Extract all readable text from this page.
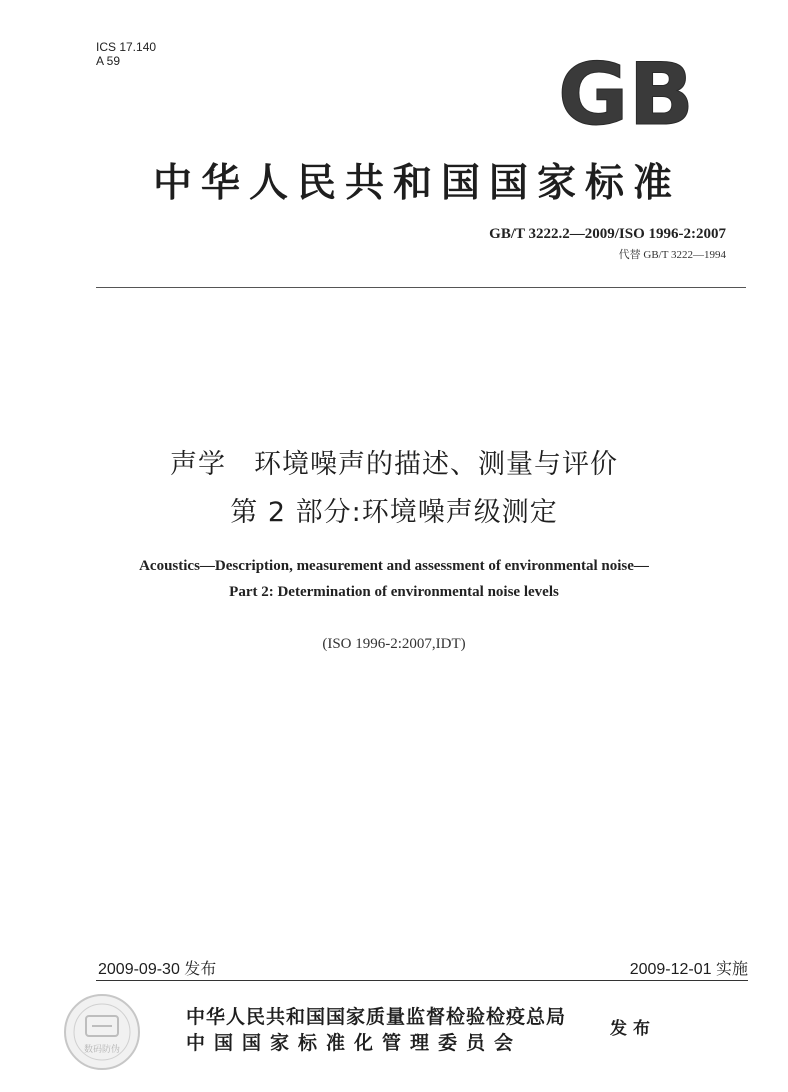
ICS 17.140
A 59	GB
中华人民共和国国家标准
GB/T 3222.2—2009/ISO 1996-2:2007
代替 GB/T 3222—1994
声学　环境噪声的描述、测量与评价
第 2 部分:环境噪声级测定
Acoustics—Description, measurement and assessment of environmental noise—
Part 2: Determination of environmental noise levels
(ISO 1996-2:2007,IDT)
2009-09-30 发布	2009-12-01 实施
数码防伪
中华人民共和国国家质量监督检验检疫总局
中国国家标准化管理委员会
发布
